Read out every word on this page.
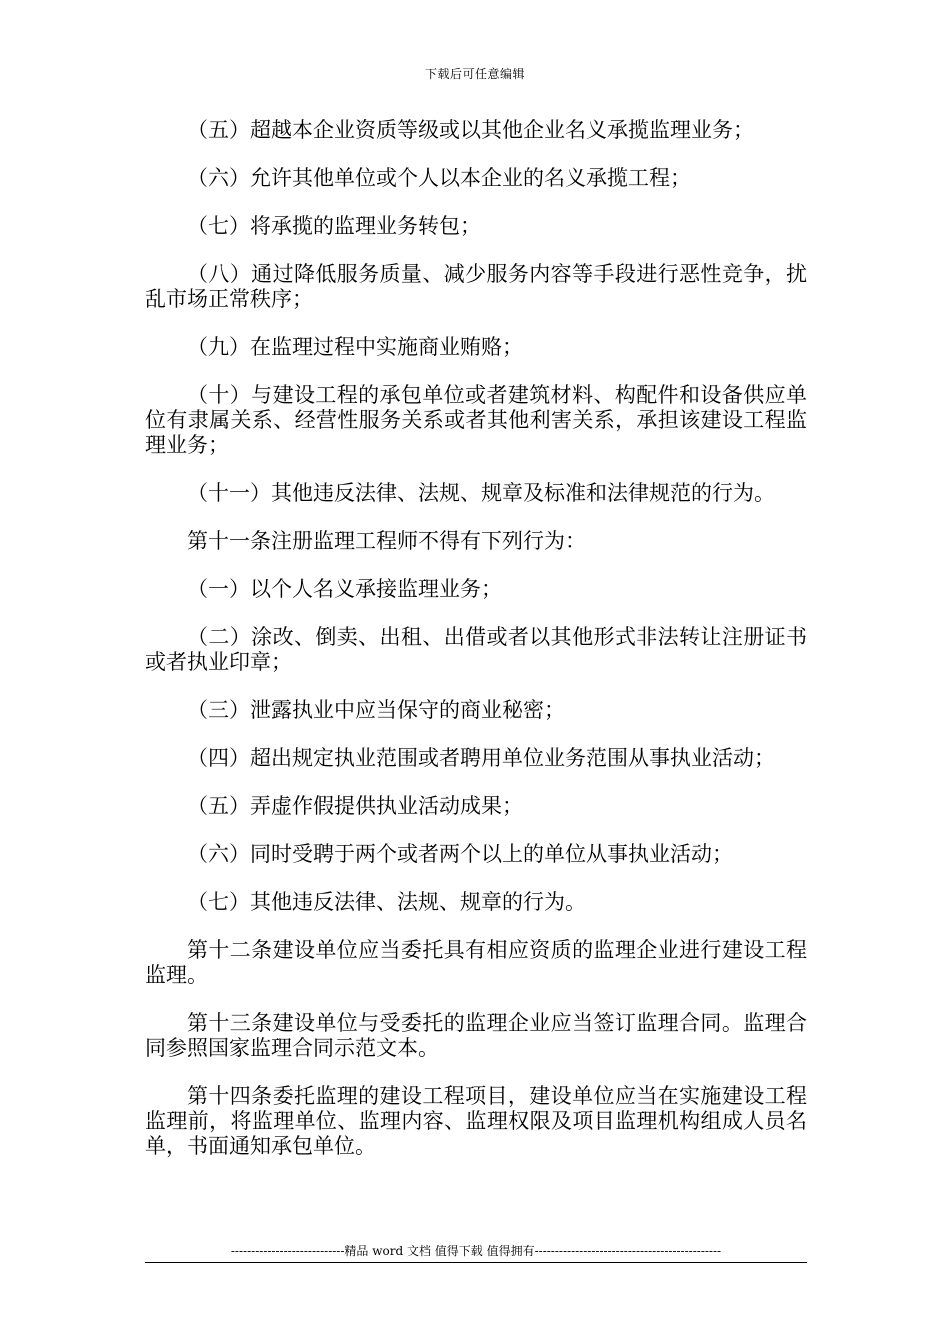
下载后可任意编辑

（五）超越本企业资质等级或以其他企业名义承揽监理业务；

（六）允许其他单位或个人以本企业的名义承揽工程；

（七）将承揽的监理业务转包；

（八）通过降低服务质量、减少服务内容等手段进行恶性竞争，扰乱市场正常秩序；

（九）在监理过程中实施商业贿赂；

（十）与建设工程的承包单位或者建筑材料、构配件和设备供应单位有隶属关系、经营性服务关系或者其他利害关系，承担该建设工程监理业务；

（十一）其他违反法律、法规、规章及标准和法律规范的行为。

第十一条注册监理工程师不得有下列行为：

（一）以个人名义承接监理业务；

（二）涂改、倒卖、出租、出借或者以其他形式非法转让注册证书或者执业印章；

（三）泄露执业中应当保守的商业秘密；

（四）超出规定执业范围或者聘用单位业务范围从事执业活动；

（五）弄虚作假提供执业活动成果；

（六）同时受聘于两个或者两个以上的单位从事执业活动；

（七）其他违反法律、法规、规章的行为。

第十二条建设单位应当委托具有相应资质的监理企业进行建设工程监理。

第十三条建设单位与受委托的监理企业应当签订监理合同。监理合同参照国家监理合同示范文本。

第十四条委托监理的建设工程项目，建设单位应当在实施建设工程监理前，将监理单位、监理内容、监理权限及项目监理机构组成人员名单，书面通知承包单位。

----------------------------精品 word 文档 值得下载 值得拥有----------------------------------------------
